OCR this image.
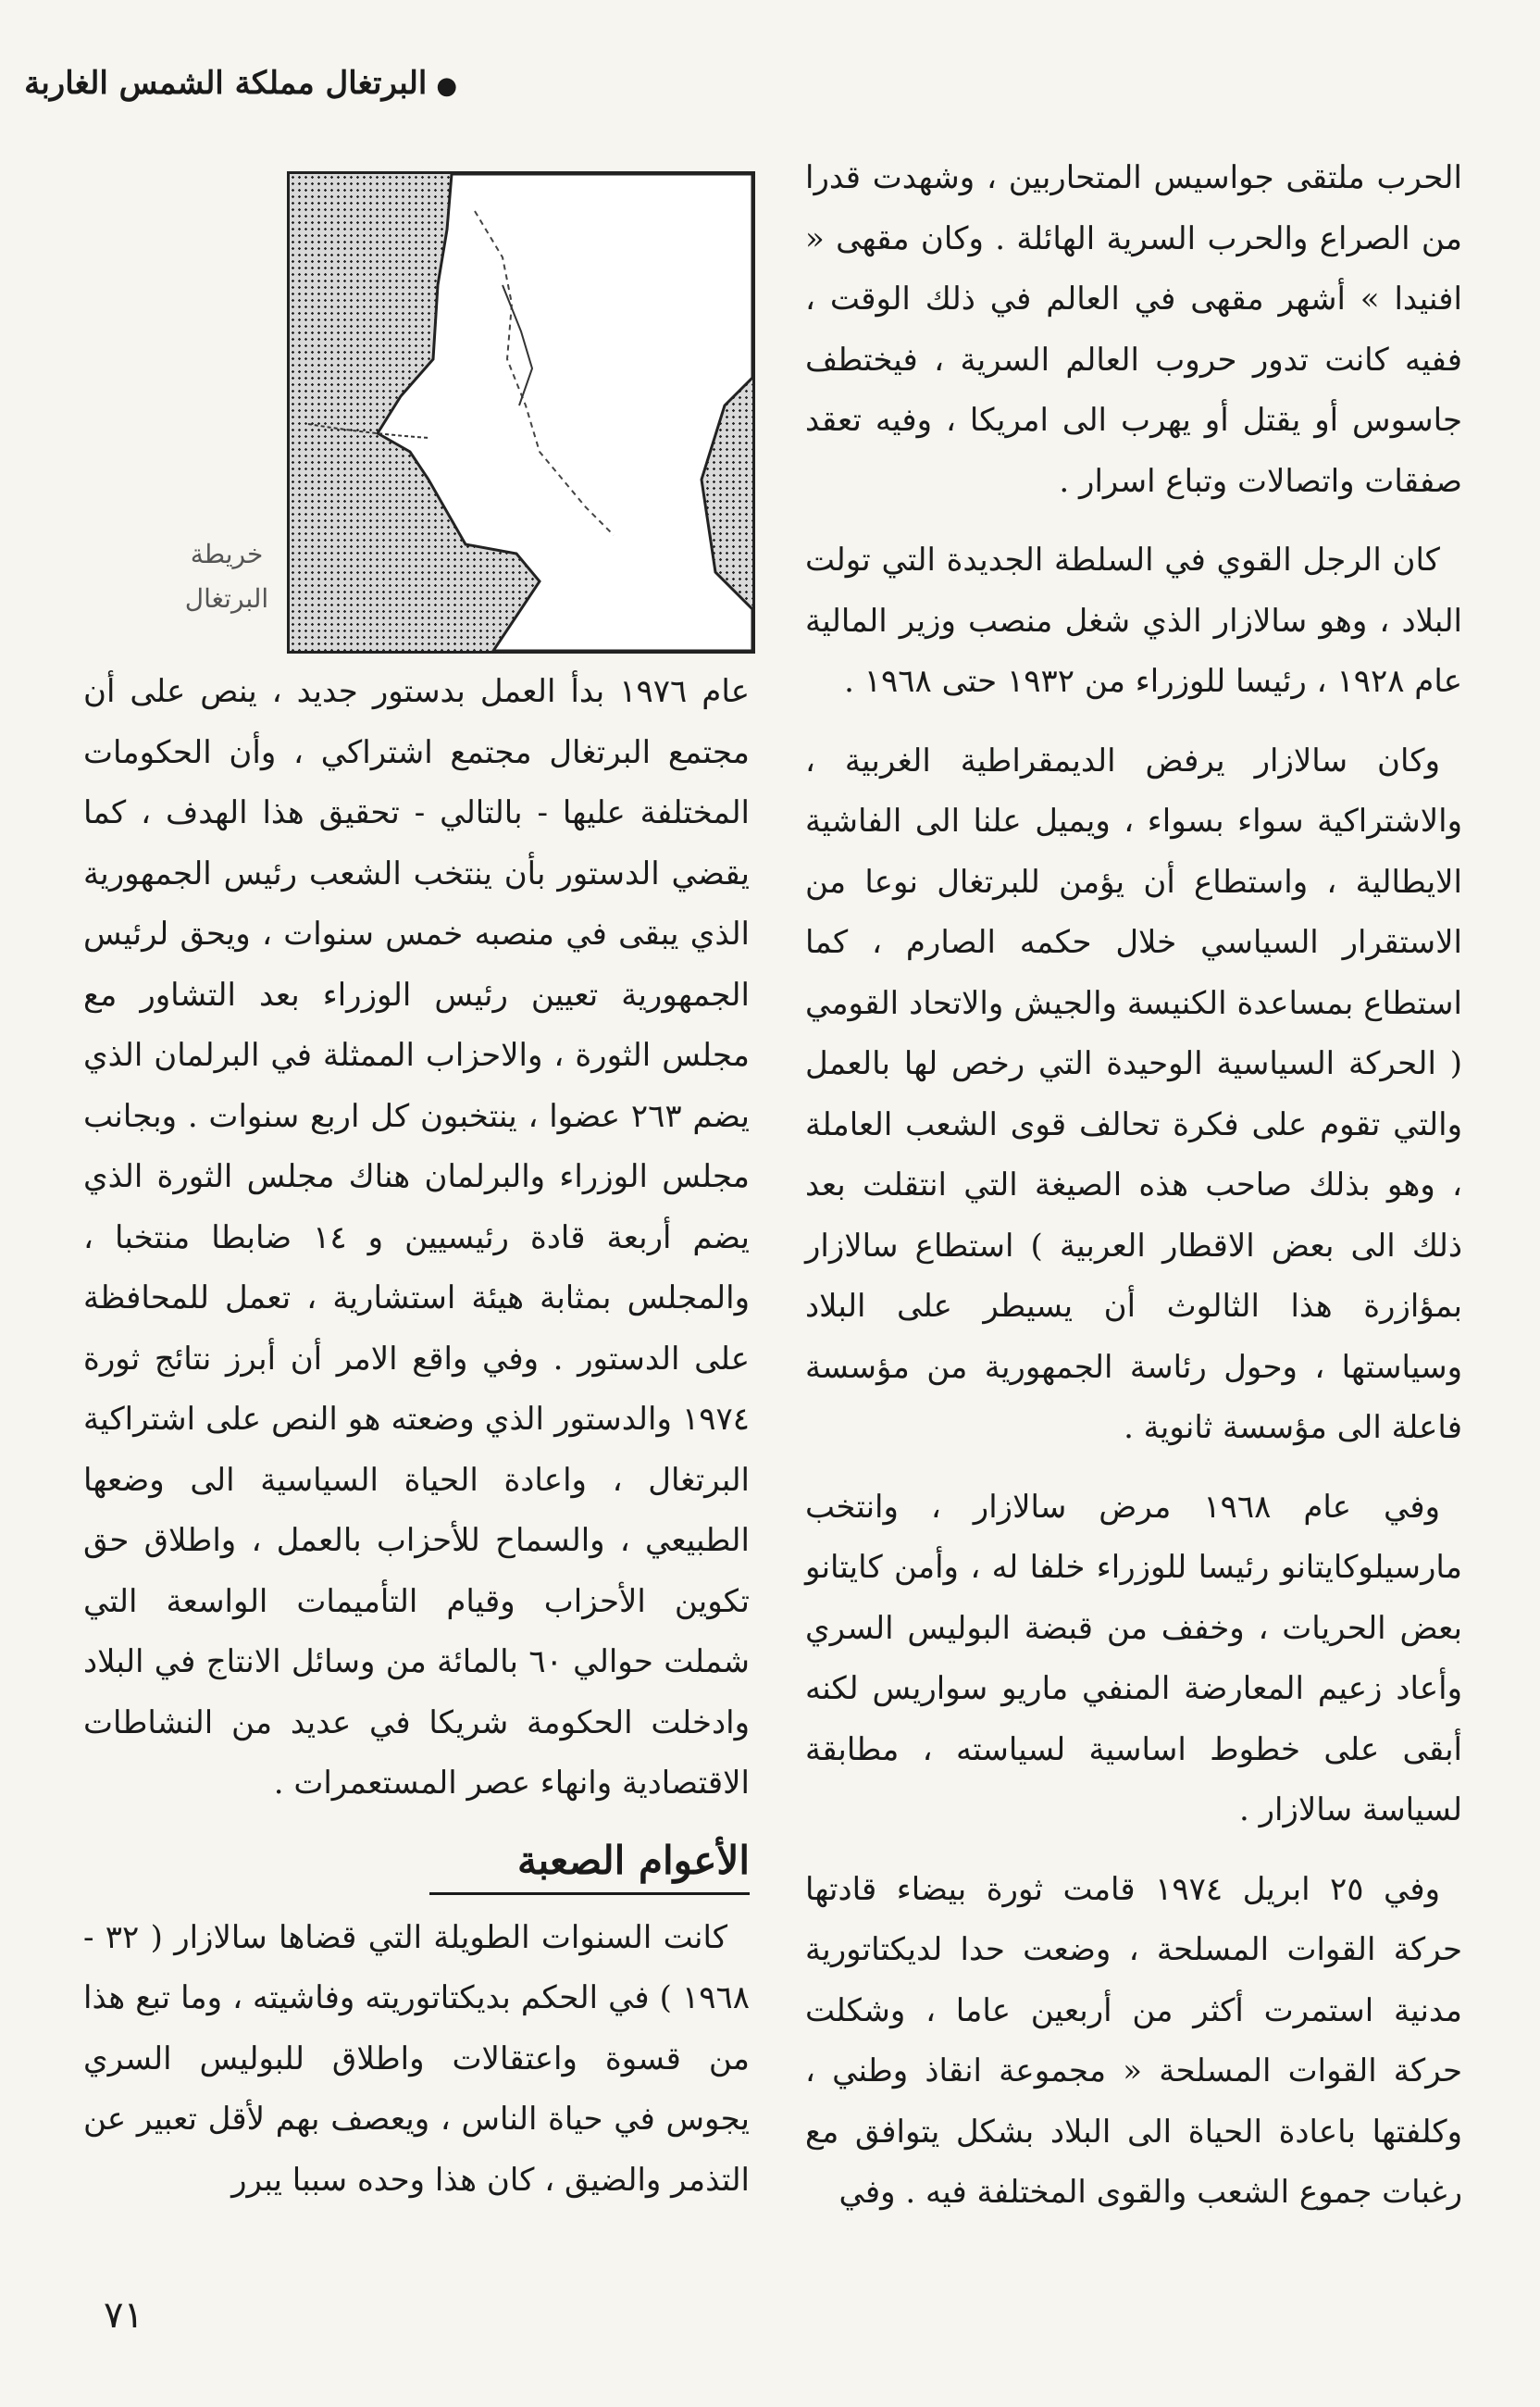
●البرتغال مملكة الشمس الغاربة
خريطة
البرتغال

الحرب ملتقى جواسيس المتحاربين ، وشهدت قدرا من الصراع والحرب السرية الهائلة . وكان مقهى « افنيدا » أشهر مقهى في العالم في ذلك الوقت ، ففيه كانت تدور حروب العالم السرية ، فيختطف جاسوس أو يقتل أو يهرب الى امريكا ، وفيه تعقد صفقات واتصالات وتباع اسرار .

كان الرجل القوي في السلطة الجديدة التي تولت البلاد ، وهو سالازار الذي شغل منصب وزير المالية عام ١٩٢٨ ، رئيسا للوزراء من ١٩٣٢ حتى ١٩٦٨ .

وكان سالازار يرفض الديمقراطية الغربية ، والاشتراكية سواء بسواء ، ويميل علنا الى الفاشية الايطالية ، واستطاع أن يؤمن للبرتغال نوعا من الاستقرار السياسي خلال حكمه الصارم ، كما استطاع بمساعدة الكنيسة والجيش والاتحاد القومي ( الحركة السياسية الوحيدة التي رخص لها بالعمل والتي تقوم على فكرة تحالف قوى الشعب العاملة ، وهو بذلك صاحب هذه الصيغة التي انتقلت بعد ذلك الى بعض الاقطار العربية ) استطاع سالازار بمؤازرة هذا الثالوث أن يسيطر على البلاد وسياستها ، وحول رئاسة الجمهورية من مؤسسة فاعلة الى مؤسسة ثانوية .

وفي عام ١٩٦٨ مرض سالازار ، وانتخب مارسيلوكايتانو رئيسا للوزراء خلفا له ، وأمن كايتانو بعض الحريات ، وخفف من قبضة البوليس السري وأعاد زعيم المعارضة المنفي ماريو سواريس لكنه أبقى على خطوط اساسية لسياسته ، مطابقة لسياسة سالازار .

وفي ٢٥ ابريل ١٩٧٤ قامت ثورة بيضاء قادتها حركة القوات المسلحة ، وضعت حدا لديكتاتورية مدنية استمرت أكثر من أربعين عاما ، وشكلت حركة القوات المسلحة « مجموعة انقاذ وطني ، وكلفتها باعادة الحياة الى البلاد بشكل يتوافق مع رغبات جموع الشعب والقوى المختلفة فيه . وفي

عام ١٩٧٦ بدأ العمل بدستور جديد ، ينص على أن مجتمع البرتغال مجتمع اشتراكي ، وأن الحكومات المختلفة عليها - بالتالي - تحقيق هذا الهدف ، كما يقضي الدستور بأن ينتخب الشعب رئيس الجمهورية الذي يبقى في منصبه خمس سنوات ، ويحق لرئيس الجمهورية تعيين رئيس الوزراء بعد التشاور مع مجلس الثورة ، والاحزاب الممثلة في البرلمان الذي يضم ٢٦٣ عضوا ، ينتخبون كل اربع سنوات . وبجانب مجلس الوزراء والبرلمان هناك مجلس الثورة الذي يضم أربعة قادة رئيسيين و ١٤ ضابطا منتخبا ، والمجلس بمثابة هيئة استشارية ، تعمل للمحافظة على الدستور . وفي واقع الامر أن أبرز نتائج ثورة ١٩٧٤ والدستور الذي وضعته هو النص على اشتراكية البرتغال ، واعادة الحياة السياسية الى وضعها الطبيعي ، والسماح للأحزاب بالعمل ، واطلاق حق تكوين الأحزاب وقيام التأميمات الواسعة التي شملت حوالي ٦٠ بالمائة من وسائل الانتاج في البلاد وادخلت الحكومة شريكا في عديد من النشاطات الاقتصادية وانهاء عصر المستعمرات .

الأعوام الصعبة

كانت السنوات الطويلة التي قضاها سالازار ( ٣٢ - ١٩٦٨ ) في الحكم بديكتاتوريته وفاشيته ، وما تبع هذا من قسوة واعتقالات واطلاق للبوليس السري يجوس في حياة الناس ، ويعصف بهم لأقل تعبير عن التذمر والضيق ، كان هذا وحده سببا يبرر

٧١
